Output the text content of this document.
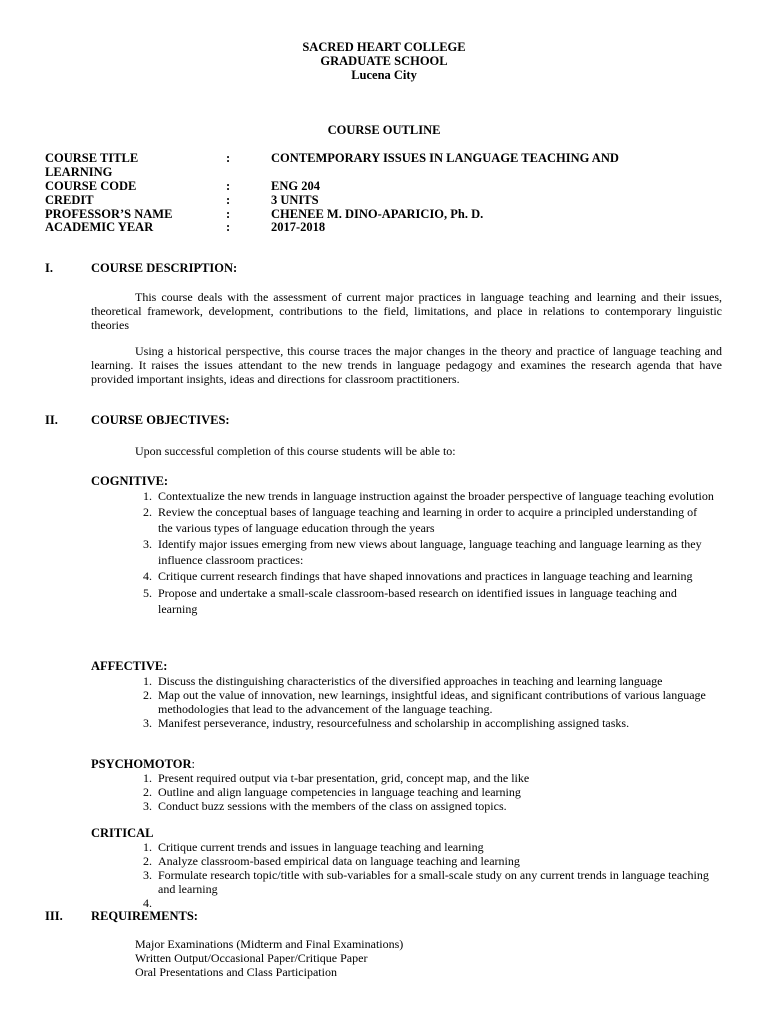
SACRED HEART COLLEGE
GRADUATE SCHOOL
Lucena City
COURSE OUTLINE
COURSE TITLE	:	CONTEMPORARY ISSUES IN LANGUAGE TEACHING AND
LEARNING
COURSE CODE	:	ENG 204
CREDIT	:	3 UNITS
PROFESSOR’S NAME	:	CHENEE M. DINO-APARICIO, Ph. D.
ACADEMIC YEAR	:	2017-2018
I.	COURSE DESCRIPTION:
This course deals with the assessment of current major practices in language teaching and learning and their issues, theoretical framework, development, contributions to the field, limitations, and place in relations to contemporary linguistic theories
Using a historical perspective, this course traces the major changes in the theory and practice of language teaching and learning. It raises the issues attendant to the new trends in language pedagogy and examines the research agenda that have provided important insights, ideas and directions for classroom practitioners.
II.	COURSE OBJECTIVES:
Upon successful completion of this course students will be able to:
COGNITIVE:
1. Contextualize the new trends in language instruction against the broader perspective of language teaching evolution
2. Review the conceptual bases of language teaching and learning in order to acquire a principled understanding of the various types of language education through the years
3. Identify major issues emerging from new views about language, language teaching and language learning as they influence classroom practices:
4. Critique current research findings that have shaped innovations and practices in language teaching and learning
5. Propose and undertake a small-scale classroom-based research on identified issues in language teaching and learning
AFFECTIVE:
1. Discuss the distinguishing characteristics of the diversified approaches in teaching and learning language
2. Map out the value of innovation, new learnings, insightful ideas, and significant contributions of various language methodologies that lead to the advancement of the language teaching.
3. Manifest perseverance, industry, resourcefulness and scholarship in accomplishing assigned tasks.
PSYCHOMOTOR:
1. Present required output via t-bar presentation, grid, concept map, and the like
2. Outline and align language competencies in language teaching and learning
3. Conduct buzz sessions with the members of the class on assigned topics.
CRITICAL
1. Critique current trends and issues in language teaching and learning
2. Analyze classroom-based empirical data on language teaching and learning
3. Formulate research topic/title with sub-variables for a small-scale study on any current trends in language teaching and learning
4.
III. REQUIREMENTS:
Major Examinations (Midterm and Final Examinations)
Written Output/Occasional Paper/Critique Paper
Oral Presentations and Class Participation
